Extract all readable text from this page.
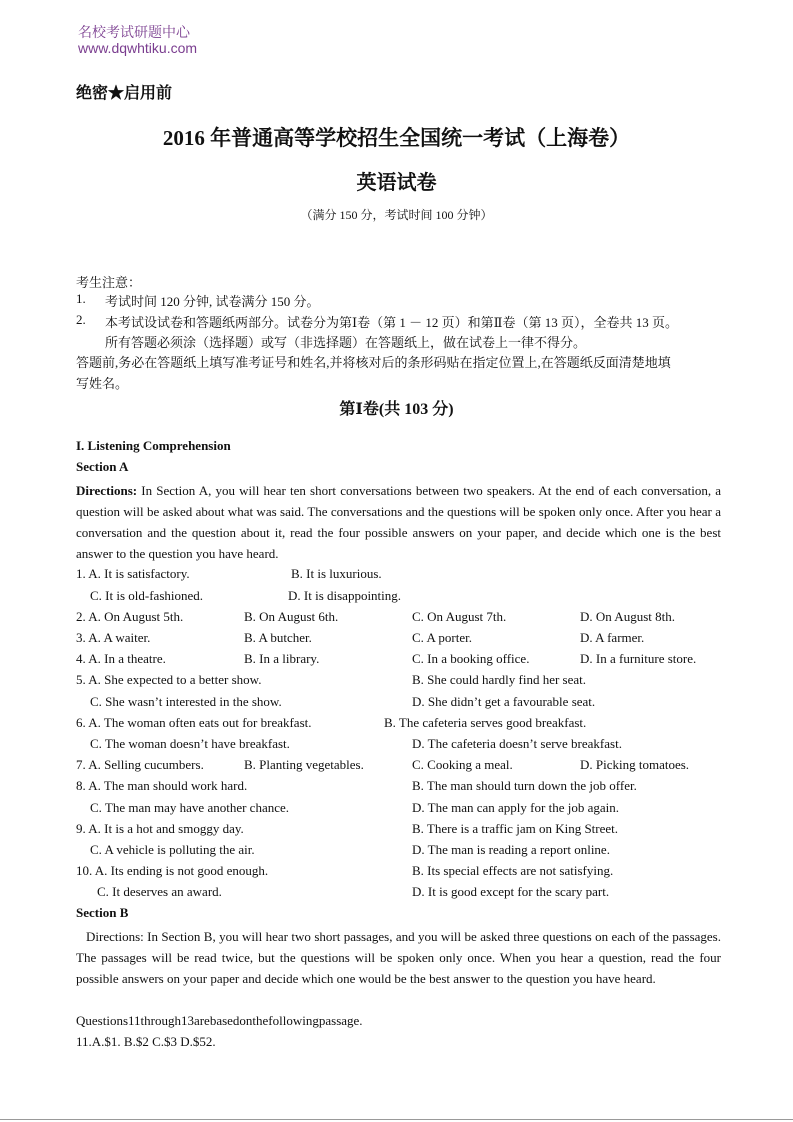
名校考试研题中心
www.dqwhtiku.com
绝密★启用前
2016 年普通高等学校招生全国统一考试（上海卷）
英语试卷
（满分 150 分，考试时间 100 分钟）
考生注意：
1. 考试时间 120 分钟, 试卷满分 150 分。
2. 本考试设试卷和答题纸两部分。试卷分为第Ⅰ卷（第 1 － 12 页）和第Ⅱ卷（第 13 页），全卷共 13 页。
所有答题必须涂（选择题）或写（非选择题）在答题纸上，做在试卷上一律不得分。
答题前,务必在答题纸上填写准考证号和姓名,并将核对后的条形码贴在指定位置上,在答题纸反面清楚地填
写姓名。
第Ⅰ卷(共 103 分)
I. Listening Comprehension
Section A
Directions: In Section A, you will hear ten short conversations between two speakers. At the end of each conversation, a question will be asked about what was said. The conversations and the questions will be spoken only once. After you hear a conversation and the question about it, read the four possible answers on your paper, and decide which one is the best answer to the question you have heard.
1. A. It is satisfactory.	B. It is luxurious.
C. It is old-fashioned.	D. It is disappointing.
2. A. On August 5th.	B. On August 6th.	C. On August 7th.	D. On August 8th.
3. A. A waiter.	B. A butcher.	C. A porter.	D. A farmer.
4. A. In a theatre.	B. In a library.	C. In a booking office.	D. In a furniture store.
5. A. She expected to a better show.	B. She could hardly find her seat.
C. She wasn’t interested in the show.	D. She didn’t get a favourable seat.
6. A. The woman often eats out for breakfast.	B. The cafeteria serves good breakfast.
C. The woman doesn’t have breakfast.	D. The cafeteria doesn’t serve breakfast.
7. A. Selling cucumbers.	B. Planting vegetables.	C. Cooking a meal.	D. Picking tomatoes.
8. A. The man should work hard.	B. The man should turn down the job offer.
C. The man may have another chance.	D. The man can apply for the job again.
9. A. It is a hot and smoggy day.	B. There is a traffic jam on King Street.
C. A vehicle is polluting the air.	D. The man is reading a report online.
10. A. Its ending is not good enough.	B. Its special effects are not satisfying.
C. It deserves an award.	D. It is good except for the scary part.
Section B
Directions: In Section B, you will hear two short passages, and you will be asked three questions on each of the passages. The passages will be read twice, but the questions will be spoken only once. When you hear a question, read the four possible answers on your paper and decide which one would be the best answer to the question you have heard.
Questions11through13arebasedonthefollowingpassage.
11.A.$1. B.$2 C.$3 D.$52.
